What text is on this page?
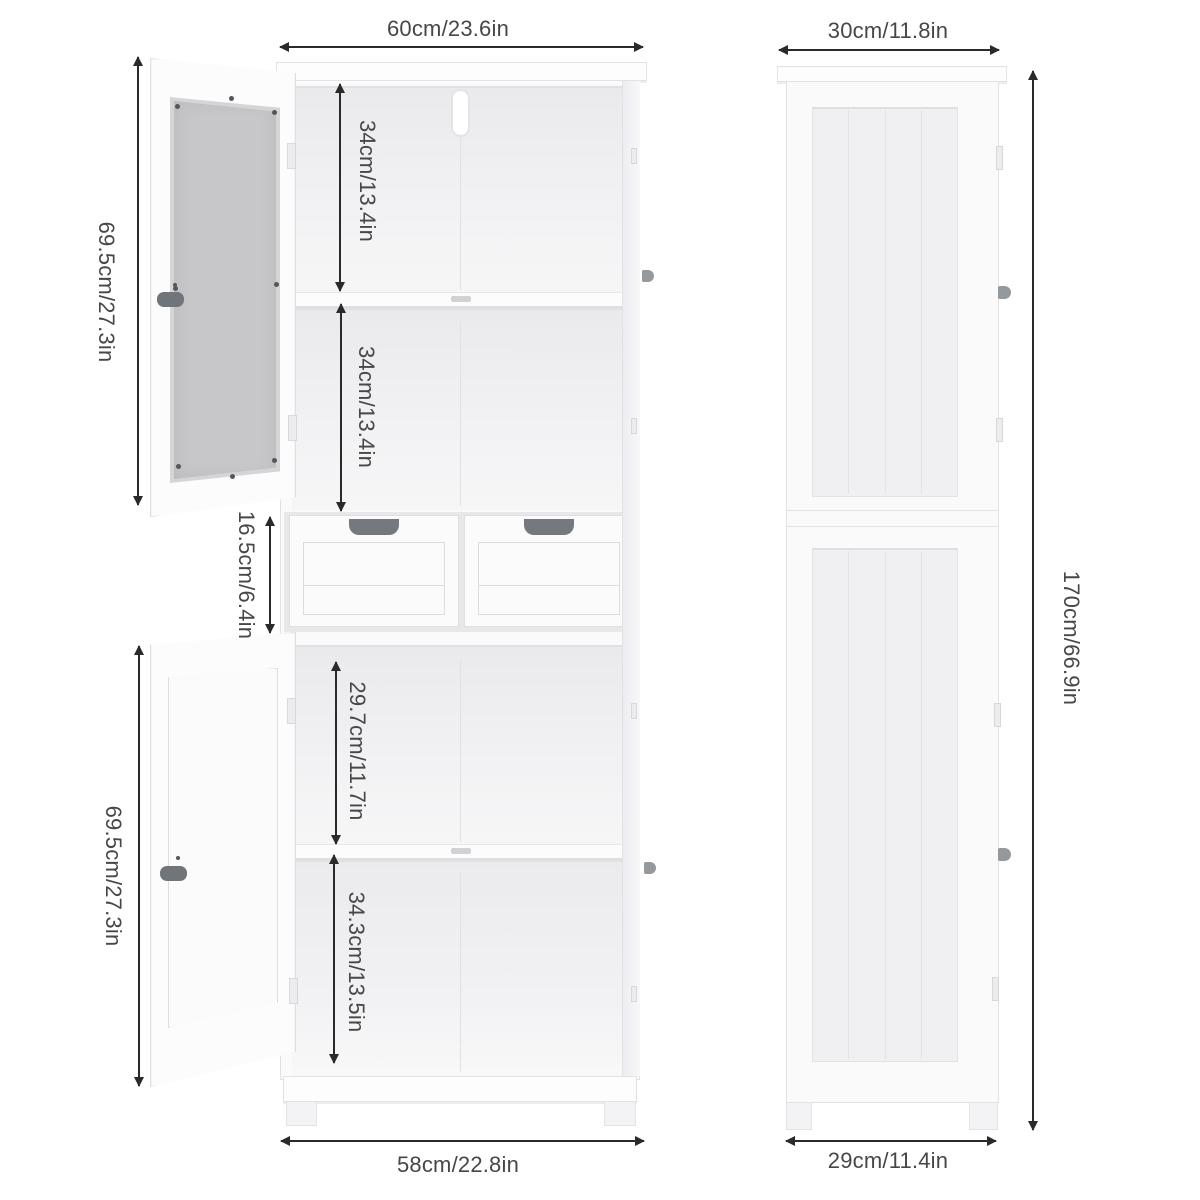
60cm/23.6in
69.5cm/27.3in
34cm/13.4in
34cm/13.4in
16.5cm/6.4in
29.7cm/11.7in
34.3cm/13.5in
69.5cm/27.3in
58cm/22.8in
30cm/11.8in
170cm/66.9in
29cm/11.4in
